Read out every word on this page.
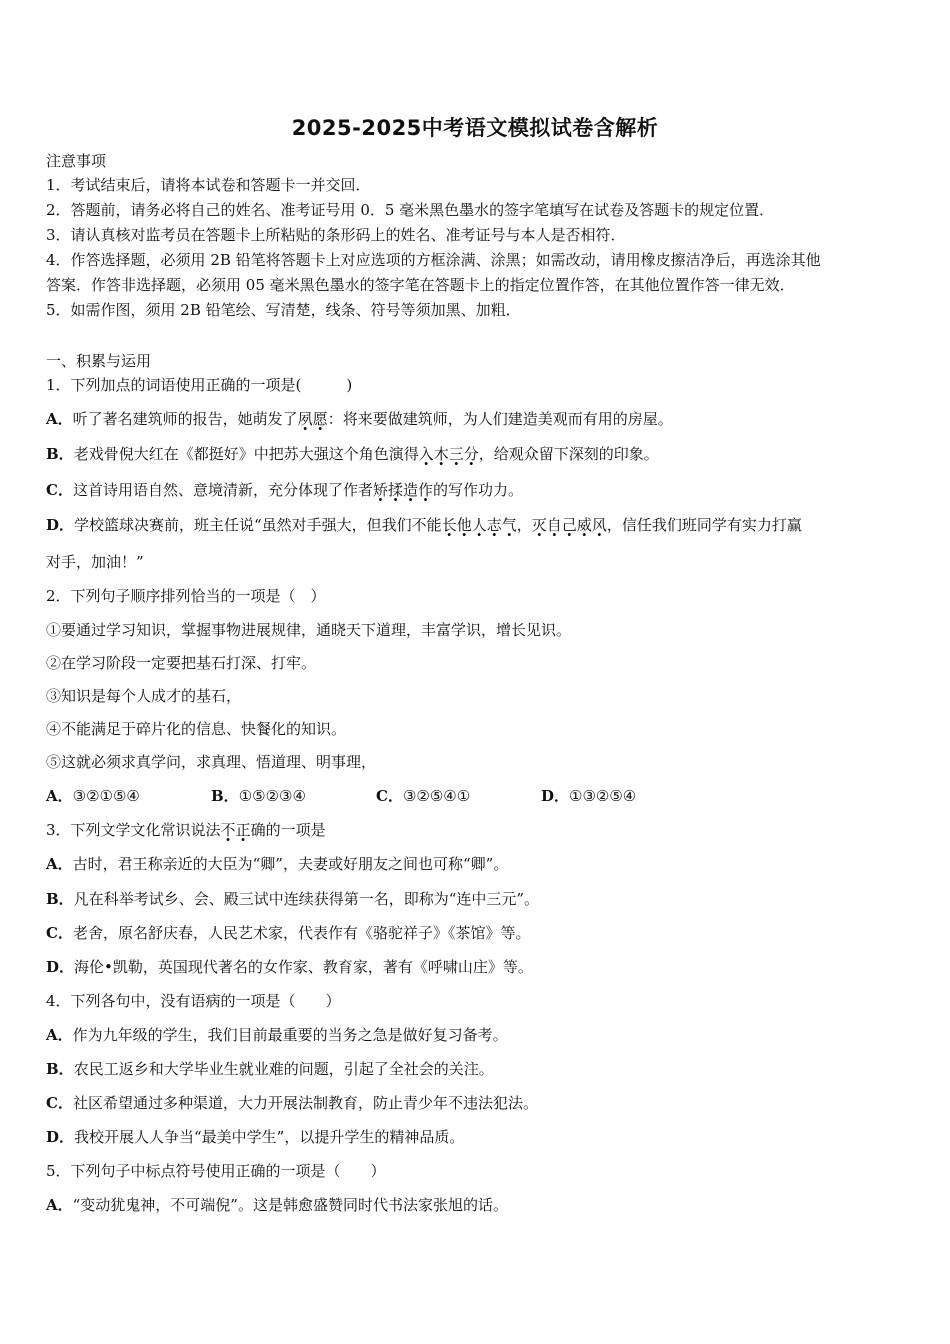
2025-2025中考语文模拟试卷含解析
注意事项
1．考试结束后，请将本试卷和答题卡一并交回．
2．答题前，请务必将自己的姓名、准考证号用 0．5 毫米黑色墨水的签字笔填写在试卷及答题卡的规定位置．
3．请认真核对监考员在答题卡上所粘贴的条形码上的姓名、准考证号与本人是否相符．
4．作答选择题，必须用 2B 铅笔将答题卡上对应选项的方框涂满、涂黑；如需改动，请用橡皮擦洁净后，再选涂其他
答案．作答非选择题，必须用 05 毫米黑色墨水的签字笔在答题卡上的指定位置作答，在其他位置作答一律无效．
5．如需作图，须用 2B 铅笔绘、写清楚，线条、符号等须加黑、加粗．
一、积累与运用
1．下列加点的词语使用正确的一项是(　　　)
A．听了著名建筑师的报告，她萌发了夙愿：将来要做建筑师，为人们建造美观而有用的房屋。
B．老戏骨倪大红在《都挺好》中把苏大强这个角色演得入木三分，给观众留下深刻的印象。
C．这首诗用语自然、意境清新，充分体现了作者矫揉造作的写作功力。
D．学校篮球决赛前，班主任说“虽然对手强大，但我们不能长他人志气，灭自己威风，信任我们班同学有实力打赢
对手，加油！”
2．下列句子顺序排列恰当的一项是（　）
①要通过学习知识，掌握事物进展规律，通晓天下道理，丰富学识，增长见识。
②在学习阶段一定要把基石打深、打牢。
③知识是每个人成才的基石，
④不能满足于碎片化的信息、快餐化的知识。
⑤这就必须求真学问，求真理、悟道理、明事理，
A．③②①⑤④	B．①⑤②③④	C．③②⑤④①	D．①③②⑤④
3．下列文学文化常识说法不正确的一项是
A．古时，君王称亲近的大臣为“卿”，夫妻或好朋友之间也可称“卿”。
B．凡在科举考试乡、会、殿三试中连续获得第一名，即称为“连中三元”。
C．老舍，原名舒庆春，人民艺术家，代表作有《骆驼祥子》《茶馆》等。
D．海伦•凯勒，英国现代著名的女作家、教育家，著有《呼啸山庄》等。
4．下列各句中，没有语病的一项是（　　）
A．作为九年级的学生，我们目前最重要的当务之急是做好复习备考。
B．农民工返乡和大学毕业生就业难的问题，引起了全社会的关注。
C．社区希望通过多种渠道，大力开展法制教育，防止青少年不违法犯法。
D．我校开展人人争当“最美中学生”，以提升学生的精神品质。
5．下列句子中标点符号使用正确的一项是（　　）
A．“变动犹鬼神，不可端倪”。这是韩愈盛赞同时代书法家张旭的话。
